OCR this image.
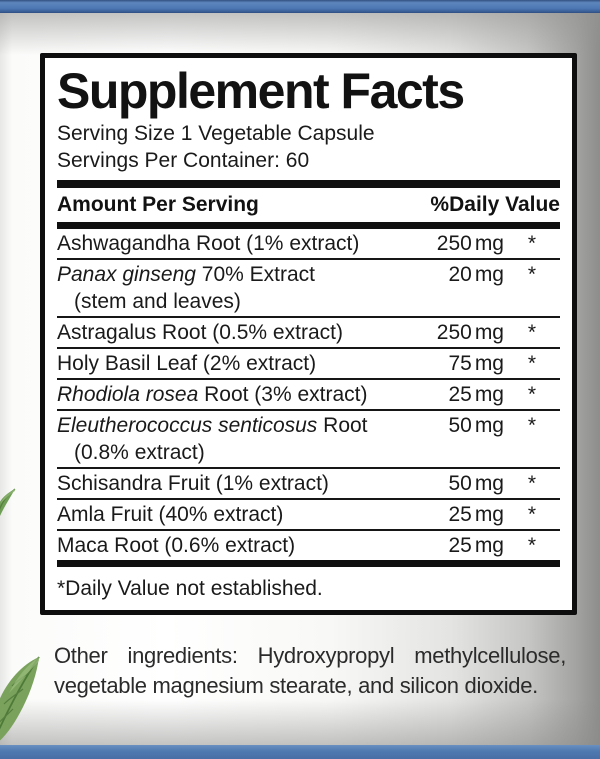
Supplement Facts
Serving Size 1 Vegetable Capsule
Servings Per Container: 60
Amount Per Serving	%Daily Value
Ashwagandha Root (1% extract)	250 mg	*
Panax ginseng 70% Extract
(stem and leaves)
20 mg	*
Astragalus Root (0.5% extract)	250 mg	*
Holy Basil Leaf (2% extract)	75 mg	*
Rhodiola rosea Root (3% extract)	25 mg	*
Eleutherococcus senticosus Root
(0.8% extract)
50 mg	*
Schisandra Fruit (1% extract)	50 mg	*
Amla Fruit (40% extract)	25 mg	*
Maca Root (0.6% extract)	25 mg	*
*Daily Value not established.
Other ingredients: Hydroxypropyl methylcellulose, vegetable magnesium stearate, and silicon dioxide.
